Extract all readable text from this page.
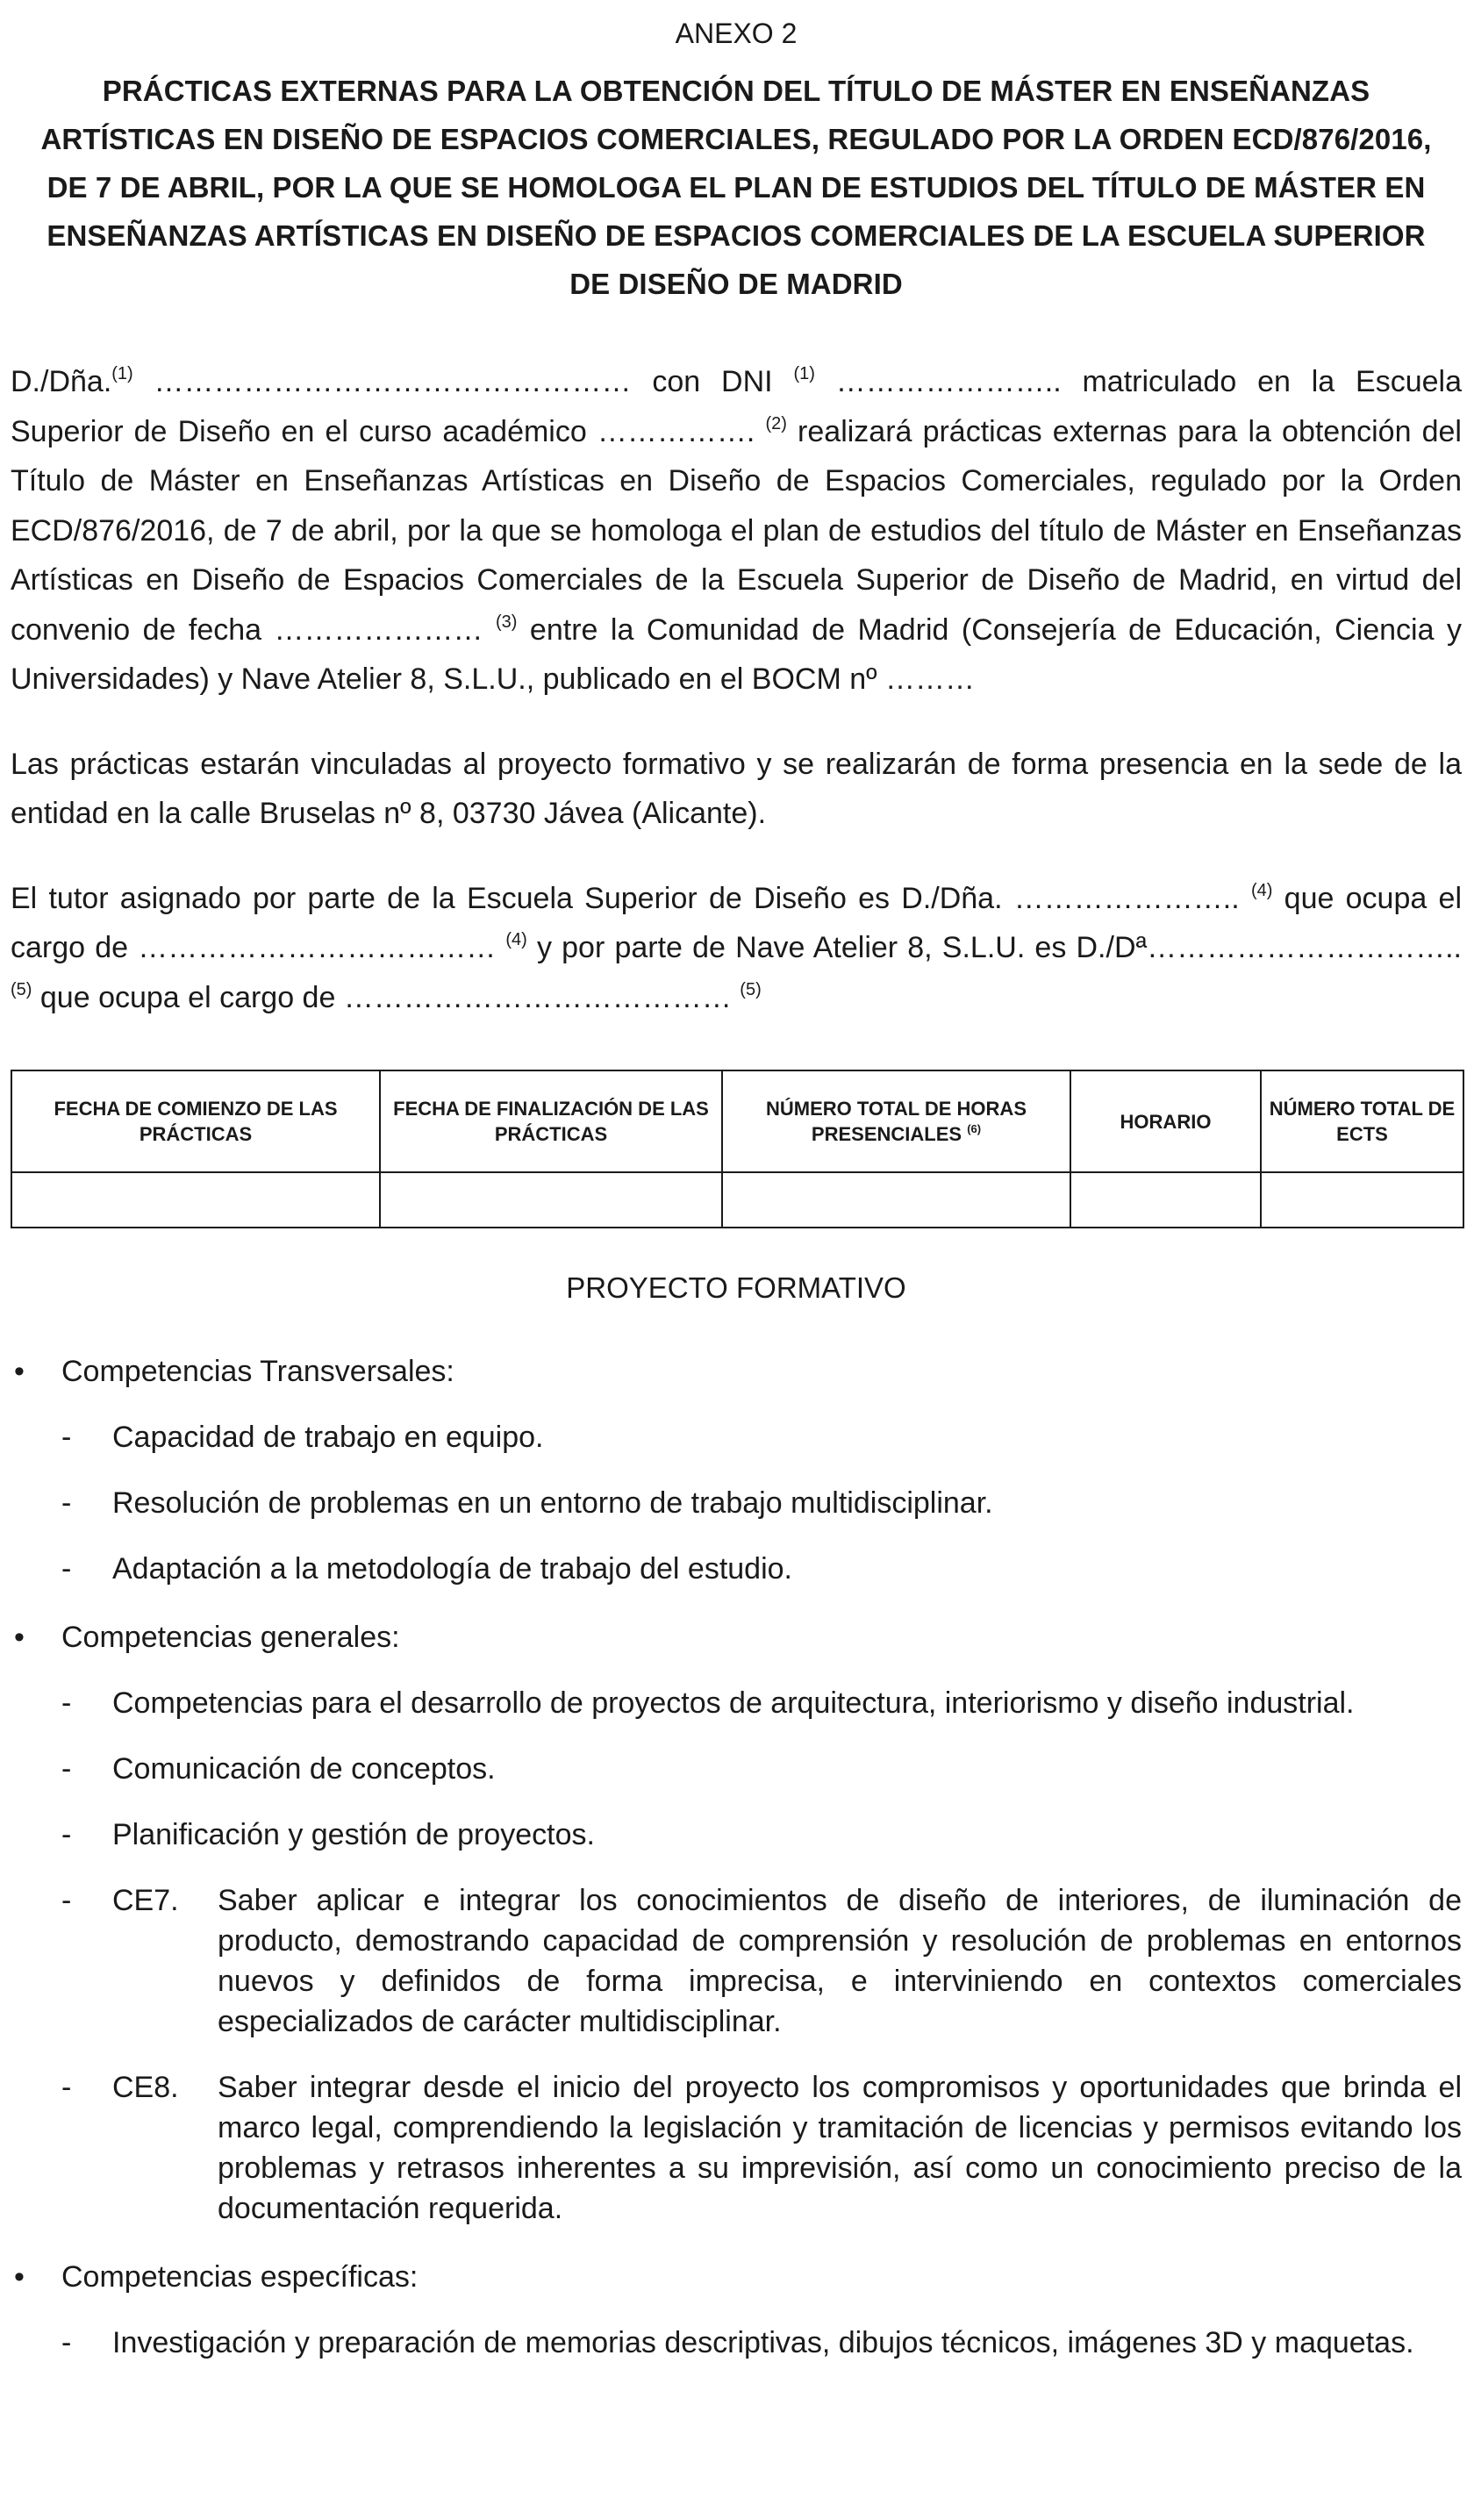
ANEXO 2

PRÁCTICAS EXTERNAS PARA LA OBTENCIÓN DEL TÍTULO DE MÁSTER EN ENSEÑANZAS ARTÍSTICAS EN DISEÑO DE ESPACIOS COMERCIALES, REGULADO POR LA ORDEN ECD/876/2016, DE 7 DE ABRIL, POR LA QUE SE HOMOLOGA EL PLAN DE ESTUDIOS DEL TÍTULO DE MÁSTER EN ENSEÑANZAS ARTÍSTICAS EN DISEÑO DE ESPACIOS COMERCIALES DE LA ESCUELA SUPERIOR DE DISEÑO DE MADRID

D./Dña.$^{(1)}$ ………………………………………… con DNI $^{(1)}$ ………………….. matriculado en la Escuela Superior de Diseño en el curso académico ……………. $^{(2)}$ realizará prácticas externas para la obtención del Título de Máster en Enseñanzas Artísticas en Diseño de Espacios Comerciales, regulado por la Orden ECD/876/2016, de 7 de abril, por la que se homologa el plan de estudios del título de Máster en Enseñanzas Artísticas en Diseño de Espacios Comerciales de la Escuela Superior de Diseño de Madrid, en virtud del convenio de fecha ………………… $^{(3)}$ entre la Comunidad de Madrid (Consejería de Educación, Ciencia y Universidades) y Nave Atelier 8, S.L.U., publicado en el BOCM nº ………

Las prácticas estarán vinculadas al proyecto formativo y se realizarán de forma presencia en la sede de la entidad en la calle Bruselas nº 8, 03730 Jávea (Alicante).

El tutor asignado por parte de la Escuela Superior de Diseño es D./Dña. ………………….. $^{(4)}$ que ocupa el cargo de ……………………………… $^{(4)}$ y por parte de Nave Atelier 8, S.L.U. es D./Dª………………………….. $^{(5)}$ que ocupa el cargo de ………………………………… $^{(5)}$

FECHA DE COMIENZO DE LAS PRÁCTICAS	FECHA DE FINALIZACIÓN DE LAS PRÁCTICAS	NÚMERO TOTAL DE HORAS PRESENCIALES $^{(6)}$	HORARIO	NÚMERO TOTAL DE ECTS

PROYECTO FORMATIVO

• Competencias Transversales:
- Capacidad de trabajo en equipo.
- Resolución de problemas en un entorno de trabajo multidisciplinar.
- Adaptación a la metodología de trabajo del estudio.
• Competencias generales:
- Competencias para el desarrollo de proyectos de arquitectura, interiorismo y diseño industrial.
- Comunicación de conceptos.
- Planificación y gestión de proyectos.
- CE7.	Saber aplicar e integrar los conocimientos de diseño de interiores, de iluminación de producto, demostrando capacidad de comprensión y resolución de problemas en entornos nuevos y definidos de forma imprecisa, e interviniendo en contextos comerciales especializados de carácter multidisciplinar.
- CE8.	Saber integrar desde el inicio del proyecto los compromisos y oportunidades que brinda el marco legal, comprendiendo la legislación y tramitación de licencias y permisos evitando los problemas y retrasos inherentes a su imprevisión, así como un conocimiento preciso de la documentación requerida.
• Competencias específicas:
- Investigación y preparación de memorias descriptivas, dibujos técnicos, imágenes 3D y maquetas.
